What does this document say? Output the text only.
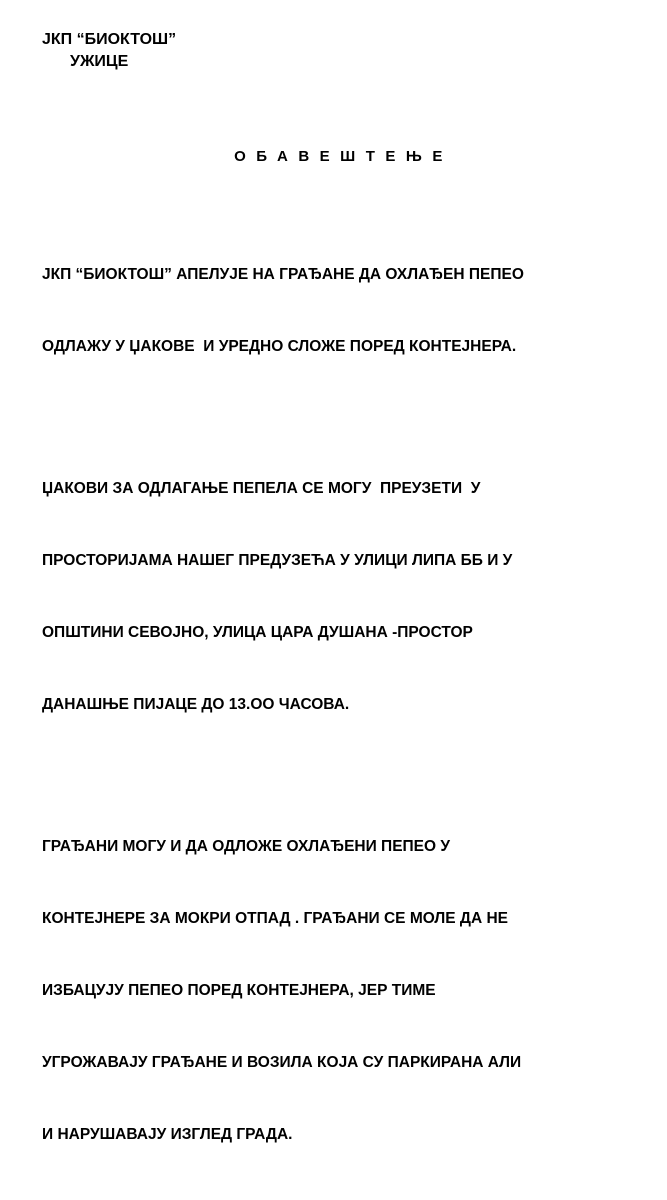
ЈКП “БИОКТОШ”
УЖИЦЕ
ОБАВЕШТЕЊЕ

ЈКП “БИОКТОШ” АПЕЛУЈЕ НА ГРАЂАНЕ ДА ОХЛАЂЕН ПЕПЕО

ОДЛАЖУ У ЏАКОВЕ  И УРЕДНО СЛОЖЕ ПОРЕД КОНТЕЈНЕРА.

ЏАКОВИ ЗА ОДЛАГАЊЕ ПЕПЕЛА СЕ МОГУ  ПРЕУЗЕТИ  У

ПРОСТОРИЈАМА НАШЕГ ПРЕДУЗЕЋА У УЛИЦИ ЛИПА ББ И У

ОПШТИНИ СЕВОЈНО, УЛИЦА ЦАРА ДУШАНА -ПРОСТОР

ДАНАШЊЕ ПИЈАЦЕ ДО 13.ОО ЧАСОВА.

ГРАЂАНИ МОГУ И ДА ОДЛОЖЕ ОХЛАЂЕНИ ПЕПЕО У

КОНТЕЈНЕРЕ ЗА МОКРИ ОТПАД . ГРАЂАНИ СЕ МОЛЕ ДА НЕ

ИЗБАЦУЈУ ПЕПЕО ПОРЕД КОНТЕЈНЕРА, ЈЕР ТИМЕ

УГРОЖАВАЈУ ГРАЂАНЕ И ВОЗИЛА КОЈА СУ ПАРКИРАНА АЛИ

И НАРУШАВАЈУ ИЗГЛЕД ГРАДА.
